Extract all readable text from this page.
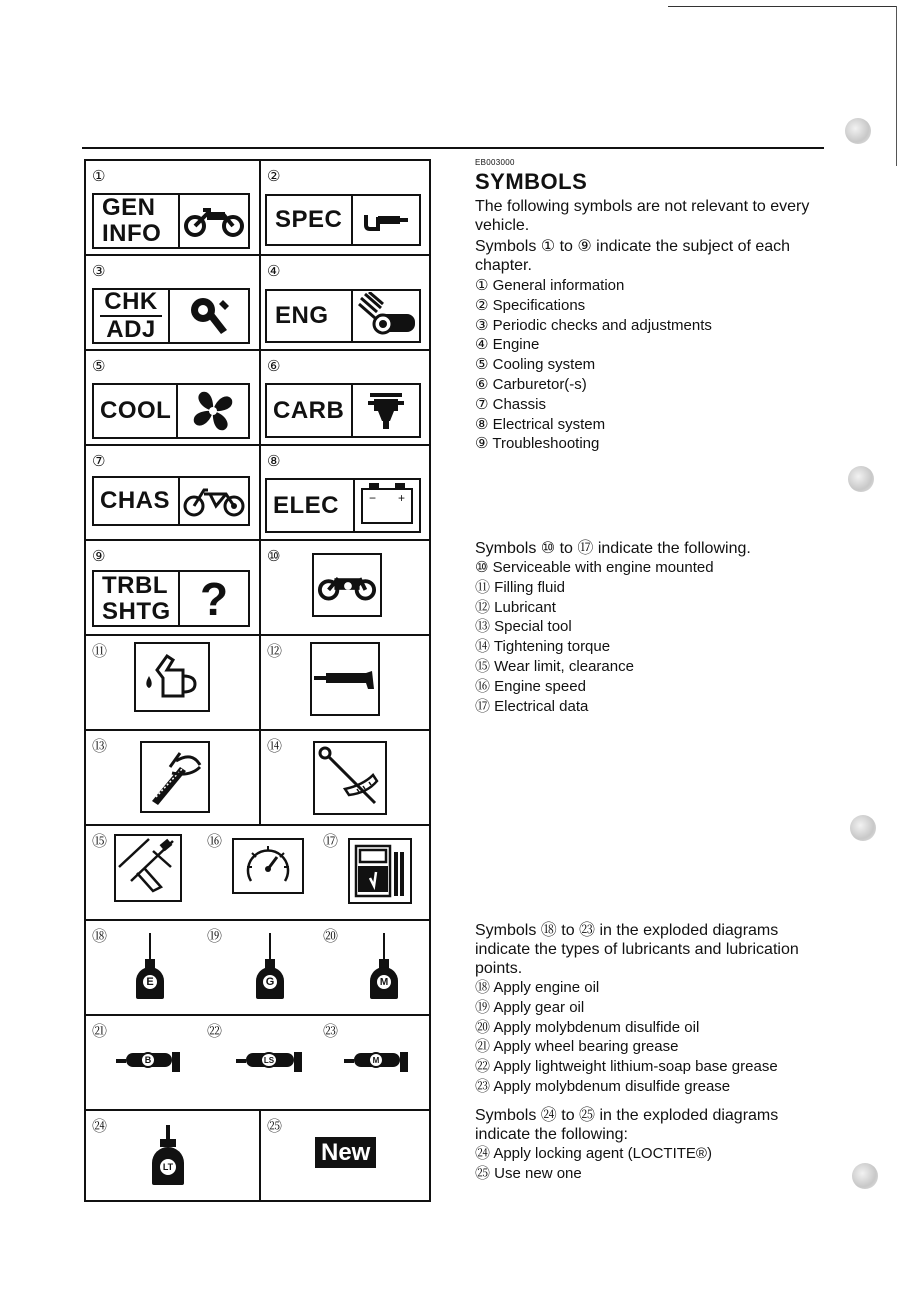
①
GEN
INFO
②
SPEC
③
CHK
ADJ
④
ENG
⑤
COOL
⑥
CARB
⑦
CHAS
⑧
ELEC	− +
⑨
TRBL
SHTG ?
⑩
⑪	⑫
⑬	⑭
⑮	⑯	⑰
⑱
E
⑲
G
⑳
M
㉑
B
㉒
LS
㉓
M
㉔
LT
㉕
New
EB003000
SYMBOLS
The following symbols are not relevant to every vehicle.
Symbols ① to ⑨ indicate the subject of each chapter.
① General information
② Specifications
③ Periodic checks and adjustments
④ Engine
⑤ Cooling system
⑥ Carburetor(-s)
⑦ Chassis
⑧ Electrical system
⑨ Troubleshooting
Symbols ⑩ to ⑰ indicate the following.
⑩ Serviceable with engine mounted
⑪ Filling fluid
⑫ Lubricant
⑬ Special tool
⑭ Tightening torque
⑮ Wear limit, clearance
⑯ Engine speed
⑰ Electrical data
Symbols ⑱ to ㉓ in the exploded diagrams indicate the types of lubricants and lubrication points.
⑱ Apply engine oil
⑲ Apply gear oil
⑳ Apply molybdenum disulfide oil
㉑ Apply wheel bearing grease
㉒ Apply lightweight lithium-soap base grease
㉓ Apply molybdenum disulfide grease
Symbols ㉔ to ㉕ in the exploded diagrams indicate the following:
㉔ Apply locking agent (LOCTITE®)
㉕ Use new one
